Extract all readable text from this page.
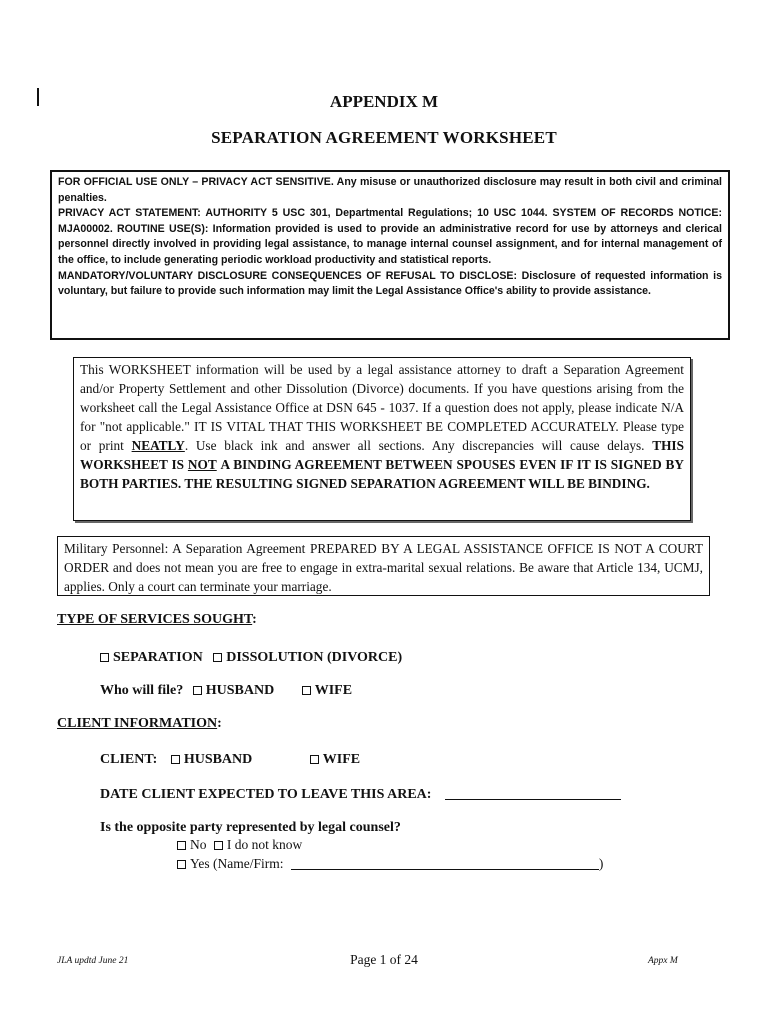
APPENDIX M
SEPARATION AGREEMENT WORKSHEET

FOR OFFICIAL USE ONLY – PRIVACY ACT SENSITIVE. Any misuse or unauthorized disclosure may result in both civil and criminal penalties.

PRIVACY ACT STATEMENT: AUTHORITY 5 USC 301, Departmental Regulations; 10 USC 1044. SYSTEM OF RECORDS NOTICE: MJA00002. ROUTINE USE(S): Information provided is used to provide an administrative record for use by attorneys and clerical personnel directly involved in providing legal assistance, to manage internal counsel assignment, and for internal management of the office, to include generating periodic workload productivity and statistical reports.

MANDATORY/VOLUNTARY DISCLOSURE CONSEQUENCES OF REFUSAL TO DISCLOSE: Disclosure of requested information is voluntary, but failure to provide such information may limit the Legal Assistance Office's ability to provide assistance.

This WORKSHEET information will be used by a legal assistance attorney to draft a Separation Agreement and/or Property Settlement and other Dissolution (Divorce) documents. If you have questions arising from the worksheet call the Legal Assistance Office at DSN 645 - 1037. If a question does not apply, please indicate N/A for "not applicable." IT IS VITAL THAT THIS WORKSHEET BE COMPLETED ACCURATELY. Please type or print NEATLY. Use black ink and answer all sections. Any discrepancies will cause delays. THIS WORKSHEET IS NOT A BINDING AGREEMENT BETWEEN SPOUSES EVEN IF IT IS SIGNED BY BOTH PARTIES. THE RESULTING SIGNED SEPARATION AGREEMENT WILL BE BINDING.
Military Personnel: A Separation Agreement PREPARED BY A LEGAL ASSISTANCE OFFICE IS NOT A COURT ORDER and does not mean you are free to engage in extra-marital sexual relations. Be aware that Article 134, UCMJ, applies. Only a court can terminate your marriage.
TYPE OF SERVICES SOUGHT:
SEPARATION DISSOLUTION (DIVORCE)
Who will file? HUSBAND	WIFE
CLIENT INFORMATION:
CLIENT: HUSBAND	WIFE
DATE CLIENT EXPECTED TO LEAVE THIS AREA:
Is the opposite party represented by legal counsel?
No I do not know
Yes (Name/Firm:	)
JLA updtd June 21	Page 1 of 24	Appx M
